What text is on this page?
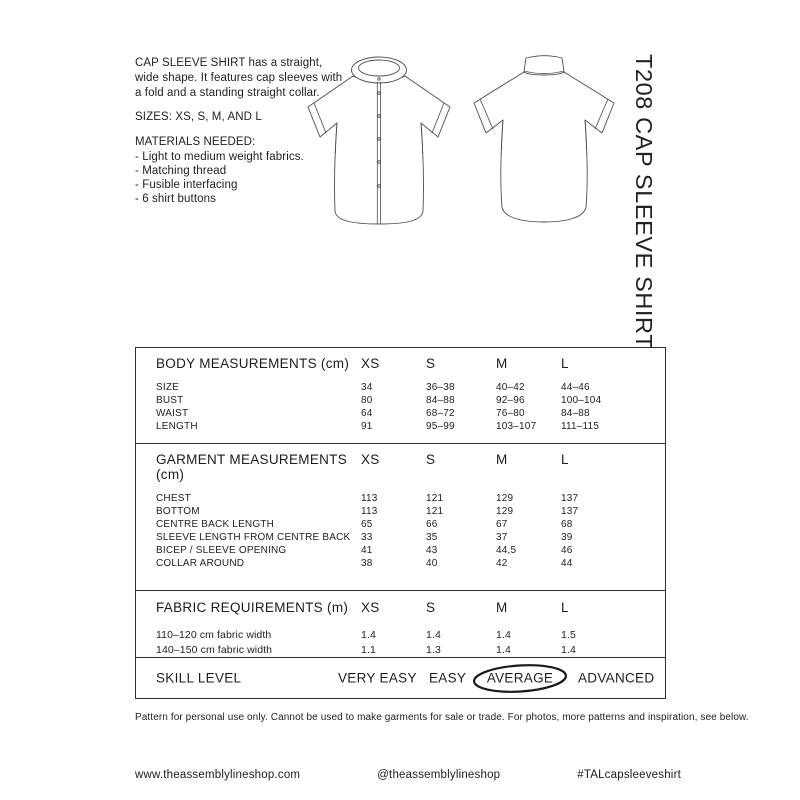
CAP SLEEVE SHIRT has a straight, wide shape. It features cap sleeves with a fold and a standing straight collar.

SIZES: XS, S, M, AND L

MATERIALS NEEDED:

- Light to medium weight fabrics.
- Matching thread
- Fusible interfacing
- 6 shirt buttons	T208 CAP SLEEVE SHIRT
BODY MEASUREMENTS (cm) XS	S	M	L
SIZE	34	36–38	40–42	44–46
BUST	80	84–88	92–96	100–104
WAIST	64	68–72	76–80	84–88
LENGTH	91	95–99	103–107	111–115
GARMENT MEASUREMENTS (cm)
XS	S	M	L
CHEST	113	121	129	137
BOTTOM	113	121	129	137
CENTRE BACK LENGTH	65	66	67	68
SLEEVE LENGTH FROM CENTRE BACK	33	35	37	39
BICEP / SLEEVE OPENING	41	43	44,5	46
COLLAR AROUND	38	40	42	44
FABRIC REQUIREMENTS (m) XS	S	M	L
110–120 cm fabric width	1.4	1.4	1.4	1.5
140–150 cm fabric width	1.1	1.3	1.4	1.4
SKILL LEVEL	VERY EASY EASY	AVERAGE	ADVANCED
Pattern for personal use only. Cannot be used to make garments for sale or trade. For photos, more patterns and inspiration, see below.
www.theassemblylineshop.com	@theassemblylineshop	#TALcapsleeveshirt
